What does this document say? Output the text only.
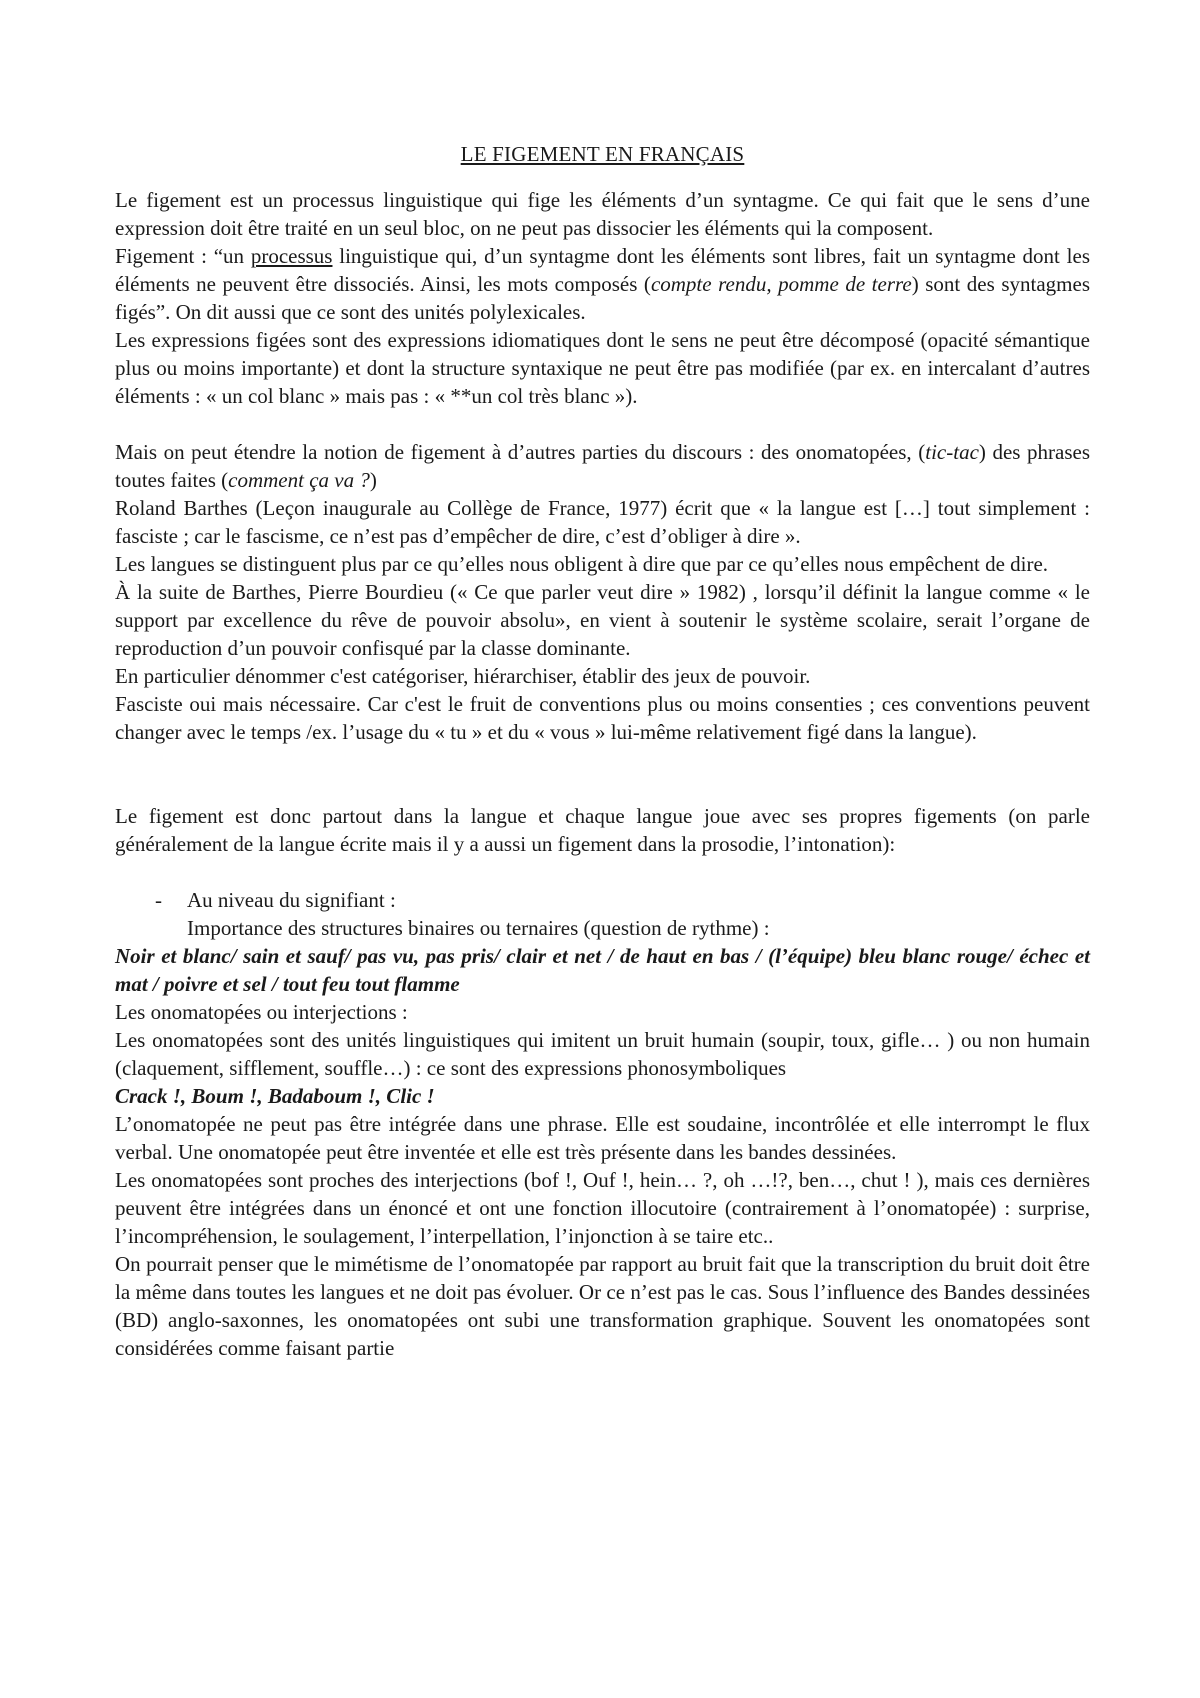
LE FIGEMENT EN FRANÇAIS

Le figement est un processus linguistique qui fige les éléments d’un syntagme. Ce qui fait que le sens d’une expression doit être traité en un seul bloc, on ne peut pas dissocier les éléments qui la composent.

Figement : “un processus linguistique qui, d’un syntagme dont les éléments sont libres, fait un syntagme dont les éléments ne peuvent être dissociés. Ainsi, les mots composés (compte rendu, pomme de terre) sont des syntagmes figés”. On dit aussi que ce sont des unités polylexicales.

Les expressions figées sont des expressions idiomatiques dont le sens ne peut être décomposé (opacité sémantique plus ou moins importante) et dont la structure syntaxique ne peut être pas modifiée (par ex. en intercalant d’autres éléments : « un col blanc » mais pas : « **un col très blanc »).

Mais on peut étendre la notion de figement à d’autres parties du discours : des onomatopées, (tic-tac) des phrases toutes faites (comment ça va ?)

Roland Barthes (Leçon inaugurale au Collège de France, 1977) écrit que « la langue est […] tout simplement : fasciste ; car le fascisme, ce n’est pas d’empêcher de dire, c’est d’obliger à dire ».

Les langues se distinguent plus par ce qu’elles nous obligent à dire que par ce qu’elles nous empêchent de dire.

À la suite de Barthes, Pierre Bourdieu (« Ce que parler veut dire » 1982) , lorsqu’il définit la langue comme « le support par excellence du rêve de pouvoir absolu», en vient à soutenir le système scolaire, serait l’organe de reproduction d’un pouvoir confisqué par la classe dominante.

En particulier dénommer c'est catégoriser, hiérarchiser, établir des jeux de pouvoir.

Fasciste oui mais nécessaire. Car c'est le fruit de conventions plus ou moins consenties ; ces conventions peuvent changer avec le temps /ex. l’usage du « tu » et du « vous » lui-même relativement figé dans la langue).

Le figement est donc partout dans la langue et chaque langue joue avec ses propres figements (on parle généralement de la langue écrite mais il y a aussi un figement dans la prosodie, l’intonation):

- Au niveau du signifiant :
Importance des structures binaires ou ternaires (question de rythme) :

Noir et blanc/ sain et sauf/ pas vu, pas pris/ clair et net / de haut en bas / (l’équipe) bleu blanc rouge/ échec et mat / poivre et sel / tout feu tout flamme

Les onomatopées ou interjections :

Les onomatopées sont des unités linguistiques qui imitent un bruit humain (soupir, toux, gifle… ) ou non humain (claquement, sifflement, souffle…) : ce sont des expressions phonosymboliques

Crack !, Boum !, Badaboum !, Clic !

L’onomatopée ne peut pas être intégrée dans une phrase. Elle est soudaine, incontrôlée et elle interrompt le flux verbal. Une onomatopée peut être inventée et elle est très présente dans les bandes dessinées.

Les onomatopées sont proches des interjections (bof !, Ouf !, hein… ?, oh …!?, ben…, chut ! ), mais ces dernières peuvent être intégrées dans un énoncé et ont une fonction illocutoire (contrairement à l’onomatopée) : surprise, l’incompréhension, le soulagement, l’interpellation, l’injonction à se taire etc..

On pourrait penser que le mimétisme de l’onomatopée par rapport au bruit fait que la transcription du bruit doit être la même dans toutes les langues et ne doit pas évoluer. Or ce n’est pas le cas. Sous l’influence des Bandes dessinées (BD) anglo-saxonnes, les onomatopées ont subi une transformation graphique. Souvent les onomatopées sont considérées comme faisant partie
